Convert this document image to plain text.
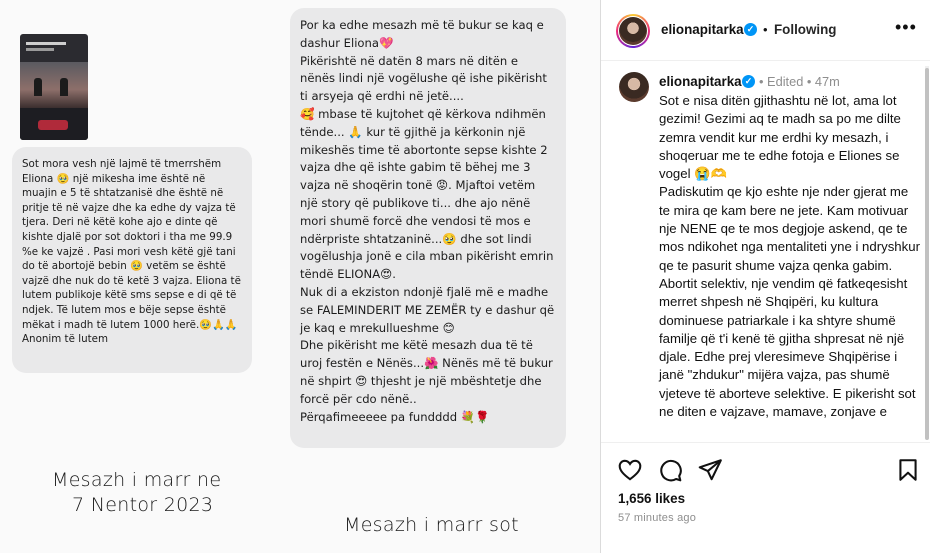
Sot mora vesh një lajmë të tmerrshëm Eliona 🥹 një mikesha ime është në muajin e 5 të shtatzanisë dhe është në pritje të në vajze dhe ka edhe dy vajza të tjera. Deri në këtë kohe ajo e dinte që kishte djalë por sot doktori i tha me 99.9 %e ke vajzë . Pasi mori vesh këtë gjë tani do të abortojë bebin 🥹 vetëm se është vajzë dhe nuk do të ketë 3 vajza. Eliona të lutem publikoje këtë sms sepse e di që të ndjek. Të lutem mos e bëje sepse është mëkat i madh të lutem 1000 herë.🥹🙏🙏
Anonim të lutem

Por ka edhe mesazh më të bukur se kaq e dashur Eliona💖
Pikërishtë në datën 8 mars në ditën e nënës lindi një vogëlushe që ishe pikërisht ti arsyeja që erdhi në jetë....
🥰 mbase të kujtohet që kërkova ndihmën tënde... 🙏 kur të gjithë ja kërkonin një mikeshës time të abortonte sepse kishte 2 vajza dhe që ishte gabim të bëhej me 3 vajza në shoqërin tonë 😡. Mjaftoi vetëm një story që publikove ti... dhe ajo nënë mori shumë forcë dhe vendosi të mos e ndërpriste shtatzaninë...🥹 dhe sot lindi vogëlushja jonë e cila mban pikërisht emrin tëndë ELIONA😍.
Nuk di a ekziston ndonjë fjalë më e madhe se FALEMINDERIT ME ZEMËR ty e dashur që je kaq e mrekullueshme 😊
Dhe pikërisht me këtë mesazh dua të të uroj festën e Nënës...🌺 Nënës më të bukur në shpirt 😍 thjesht je një mbështetje dhe forcë për cdo nënë..
Përqafimeeeee pa fundddd 💐🌹

Mesazh i marr ne
7 Nentor 2023
Mesazh i marr sot
elionapitarka ✓ • Following	•••
elionapitarka ✓ • Edited • 47m
Sot e nisa ditën gjithashtu në lot, ama lot gezimi! Gezimi aq te madh sa po me dilte zemra vendit kur me erdhi ky mesazh, i shoqeruar me te edhe fotoja e Eliones se vogel 😭🫶
Padiskutim qe kjo eshte nje nder gjerat me te mira qe kam bere ne jete. Kam motivuar nje NENE qe te mos degjoje askend, qe te mos ndikohet nga mentaliteti yne i ndryshkur qe te pasurit shume vajza qenka gabim. Abortit selektiv, nje vendim që fatkeqesisht merret shpesh në Shqipëri, ku kultura dominuese patriarkale i ka shtyre shumë familje që t'i kenë të gjitha shpresat në një djale. Edhe prej vleresimeve Shqipërise i janë "zhdukur" mijëra vajza, pas shumë vjeteve të aborteve selektive. E pikerisht sot ne diten e vajzave, mamave, zonjave e
1,656 likes
57 minutes ago
